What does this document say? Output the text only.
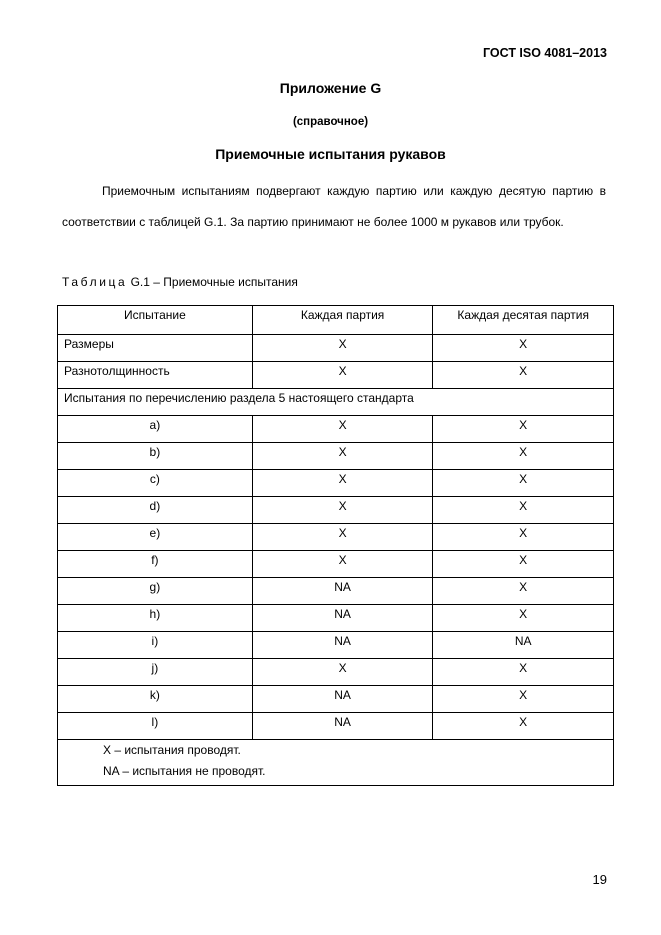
ГОСТ ISO 4081–2013
Приложение G
(справочное)
Приемочные испытания рукавов
Приемочным испытаниям подвергают каждую партию или каждую десятую партию в соответствии с таблицей G.1. За партию принимают не более 1000 м рукавов или трубок.
Таблица G.1 – Приемочные испытания
Испытание	Каждая партия	Каждая десятая партия
Размеры	X	X
Разнотолщинность	X	X
Испытания по перечислению раздела 5 настоящего стандарта		
a)	X	X
b)	X	X
c)	X	X
d)	X	X
e)	X	X
f)	X	X
g)	NA	X
h)	NA	X
i)	NA	NA
j)	X	X
k)	NA	X
l)	NA	X

X – испытания проводят.
NA – испытания не проводят.		
19
